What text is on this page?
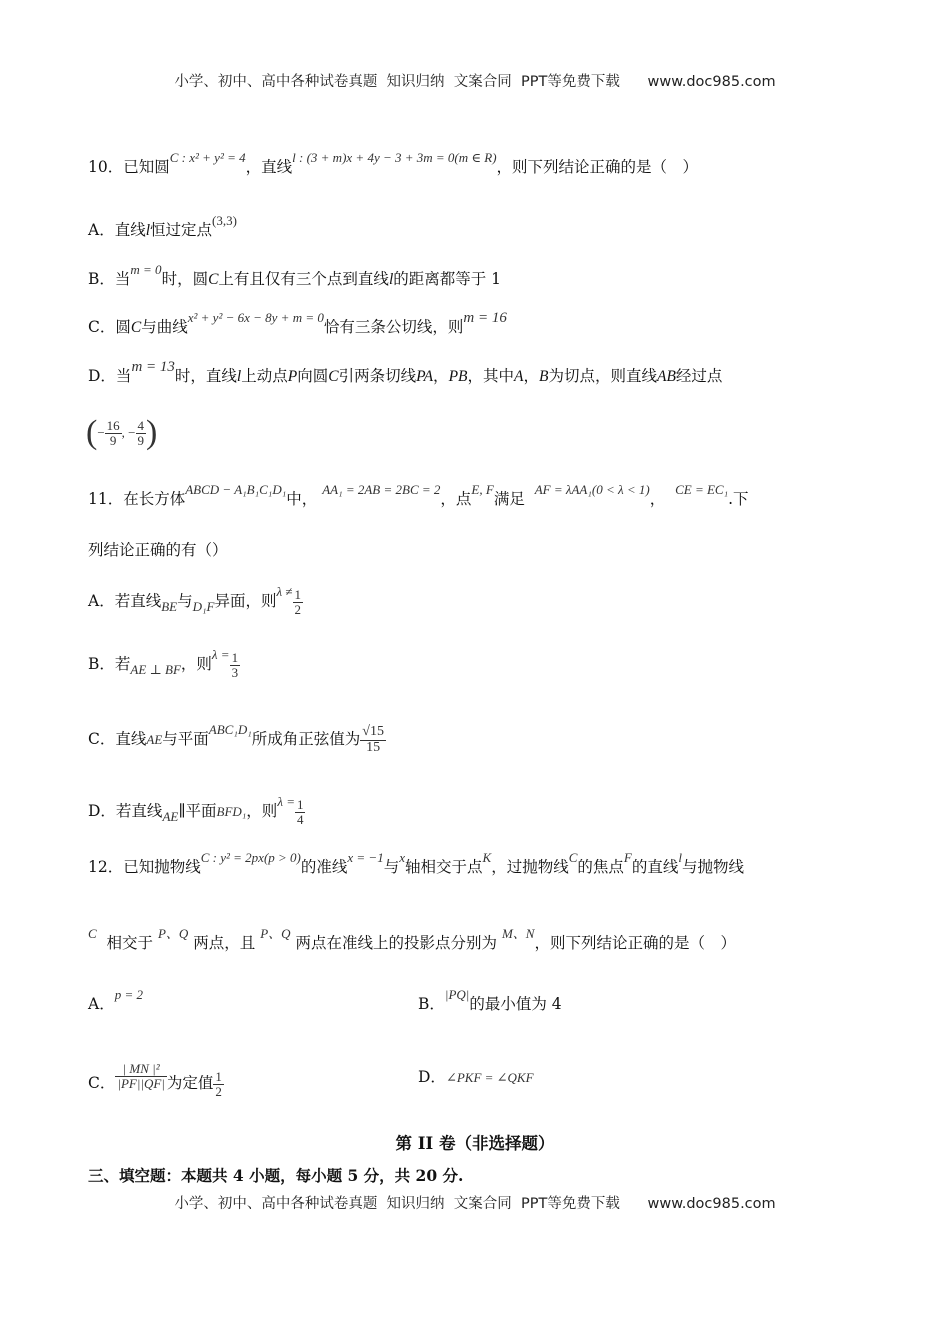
小学、初中、高中各种试卷真题  知识归纳  文案合同  PPT等免费下载      www.doc985.com
10．已知圆$^{C : x^2 + y^2 = 4}$，直线$^{l : (3 + m)x + 4y - 3 + 3m = 0(m \in R)}$，则下列结论正确的是（　）
A．直线l恒过定点$^{(3,3)}$
B．当$^{m = 0}$时，圆C上有且仅有三个点到直线l的距离都等于 1
C．圆C与曲线$^{x^2 + y^2 - 6x - 8y + m = 0}$恰有三条公切线，则m = 16
D．当m = 13时，直线l上动点P向圆C引两条切线PA，PB，其中A，B为切点，则直线AB经过点
(− $\frac{16}{9}$ , − $\frac{4}{9}$ )
11．在长方体$^{ABCD - A_1B_1C_1D_1}$中， $^{AA_1 = 2AB = 2BC = 2}$，点$^{E, F}$满足  $^{AF = \lambda AA_1(0 < \lambda < 1)}$，  $^{CE = EC_1}$.下
列结论正确的有（）
A．若直线$_{BE}$与$_{D_1F}$异面，则$^{\lambda \ne} \frac{1}{2}$
B．若$_{AE \perp BF}$，则$^{\lambda =} \frac{1}{3}$
C．直线AE与平面$^{ABC_1D_1}$所成角正弦值为 $\frac{√15}{15}$
D．若直线$_{AE}$∥平面BFD₁，则$^{\lambda =} \frac{1}{4}$
12．已知抛物线$^{C : y^2 = 2px(p > 0)}$的准线$^{x = -1}$与$^x$轴相交于点$^K$，过抛物线$^C$的焦点$^F$的直线$^l$与抛物线
$^C$  相交于 $^{P、Q}$ 两点，且 $^{P、Q}$ 两点在准线上的投影点分别为 $^{M、N}$，则下列结论正确的是（　）
A．$^{p = 2}$
B．$^{|PQ|}$的最小值为 4
C． $\frac{\text{| MN |²}}{|PF||QF|}$ 为定值 $\frac{1}{2}$	D．∠PKF = ∠QKF
第 II 卷（非选择题）
三、填空题：本题共 4 小题，每小题 5 分，共 20 分.
小学、初中、高中各种试卷真题  知识归纳  文案合同  PPT等免费下载      www.doc985.com
